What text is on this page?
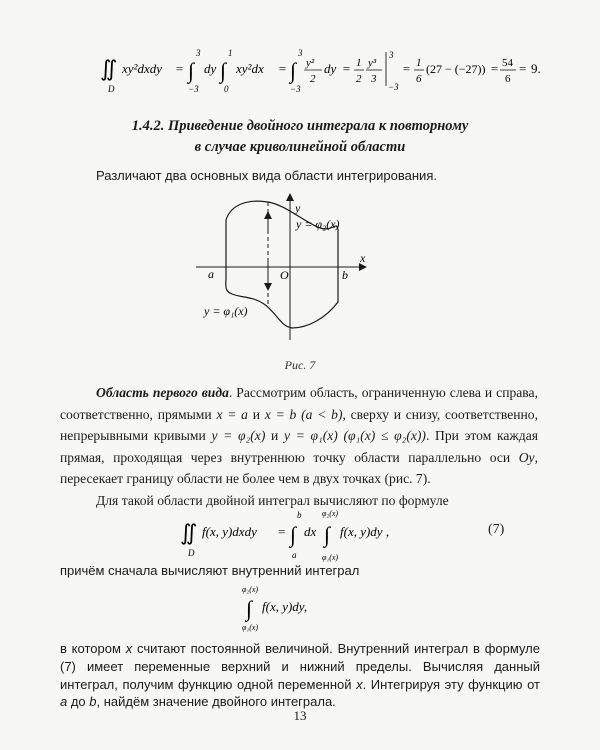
∬
D
xy²dxdy = ∫
3
−3
dy ∫
1
0
xy²dx = ∫
3
−3
y²
2
dy = 1
2
y³
3
3
−3
= 1
6
(27 − (−27)) = 54
6
= 9.
1.4.2. Приведение двойного интеграла к повторному
в случае криволинейной области
Различают два основных вида области интегрирования.
y
x
a	O	b
y = φ₂(x)
y = φ₁(x)
Рис. 7

Область первого вида. Рассмотрим область, ограниченную слева и справа, соответственно, прямыми x = a и x = b (a < b), сверху и снизу, соответственно, непрерывными кривыми y = φ₂(x) и y = φ₁(x) (φ₁(x) ≤ φ₂(x)). При этом каждая прямая, проходящая через внутреннюю точку области параллельно оси Oy, пересекает границу области не более чем в двух точках (рис. 7).

Для такой области двойной интеграл вычисляют по формуле

∬
D
f(x, y)dxdy = ∫
b
a
dx ∫
φ₂(x)
φ₁(x)
f(x, y)dy ,	(7)
причём сначала вычисляют внутренний интеграл
∫
φ₂(x)
φ₁(x)
f(x, y)dy,

в котором x считают постоянной величиной. Внутренний интеграл в формуле (7) имеет переменные верхний и нижний пределы. Вычисляя данный интеграл, получим функцию одной переменной x. Интегрируя эту функцию от a до b, найдём значение двойного интеграла.

13
